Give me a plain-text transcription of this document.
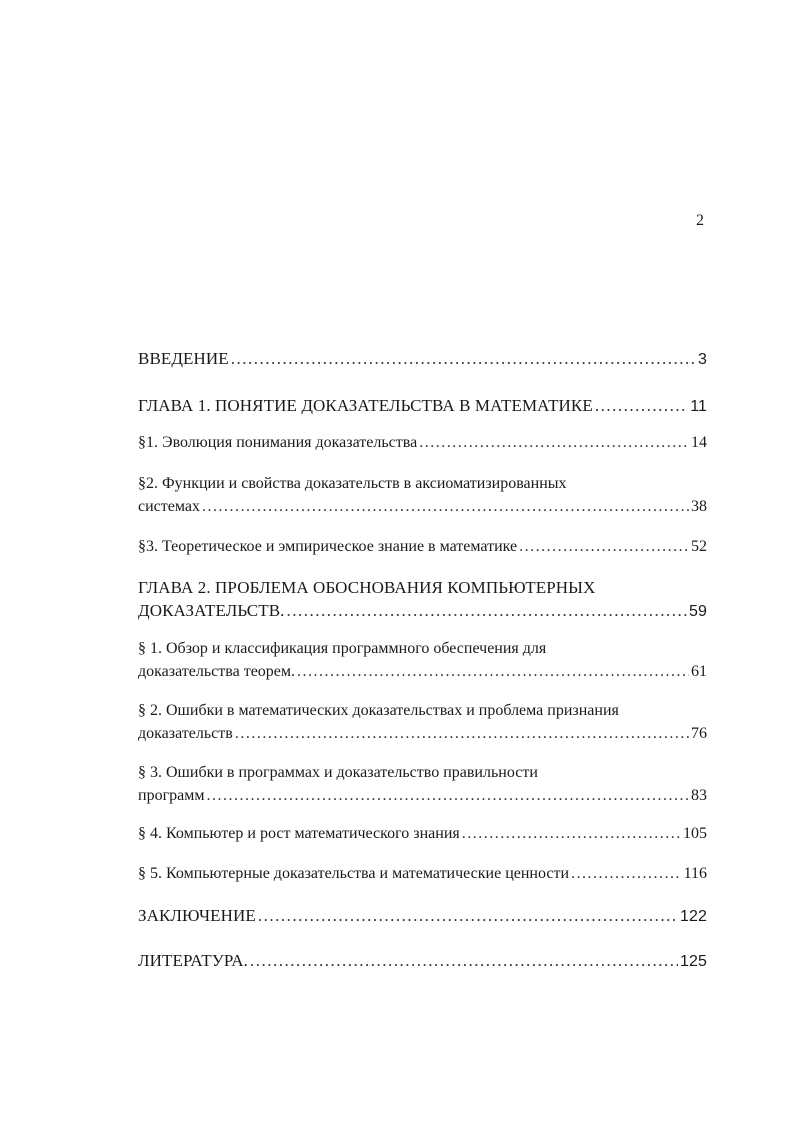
2
ВВЕДЕНИЕ .....	3
ГЛАВА 1. ПОНЯТИЕ ДОКАЗАТЕЛЬСТВА В МАТЕМАТИКЕ .....	11
§1. Эволюция понимания доказательства .....	14
§2. Функции и свойства доказательств в аксиоматизированных
системах .....	38
§3. Теоретическое и эмпирическое знание в математике .....	52
ГЛАВА 2. ПРОБЛЕМА ОБОСНОВАНИЯ КОМПЬЮТЕРНЫХ
ДОКАЗАТЕЛЬСТВ. .....	59
§ 1. Обзор и классификация программного обеспечения для
доказательства теорем. .....	61
§ 2. Ошибки в математических доказательствах и проблема признания
доказательств .....	76
§ 3. Ошибки в программах и доказательство правильности
программ .....	83
§ 4. Компьютер и рост математического знания .....	105
§ 5. Компьютерные доказательства и математические ценности .....	116
ЗАКЛЮЧЕНИЕ .....	122
ЛИТЕРАТУРА. .....	125
